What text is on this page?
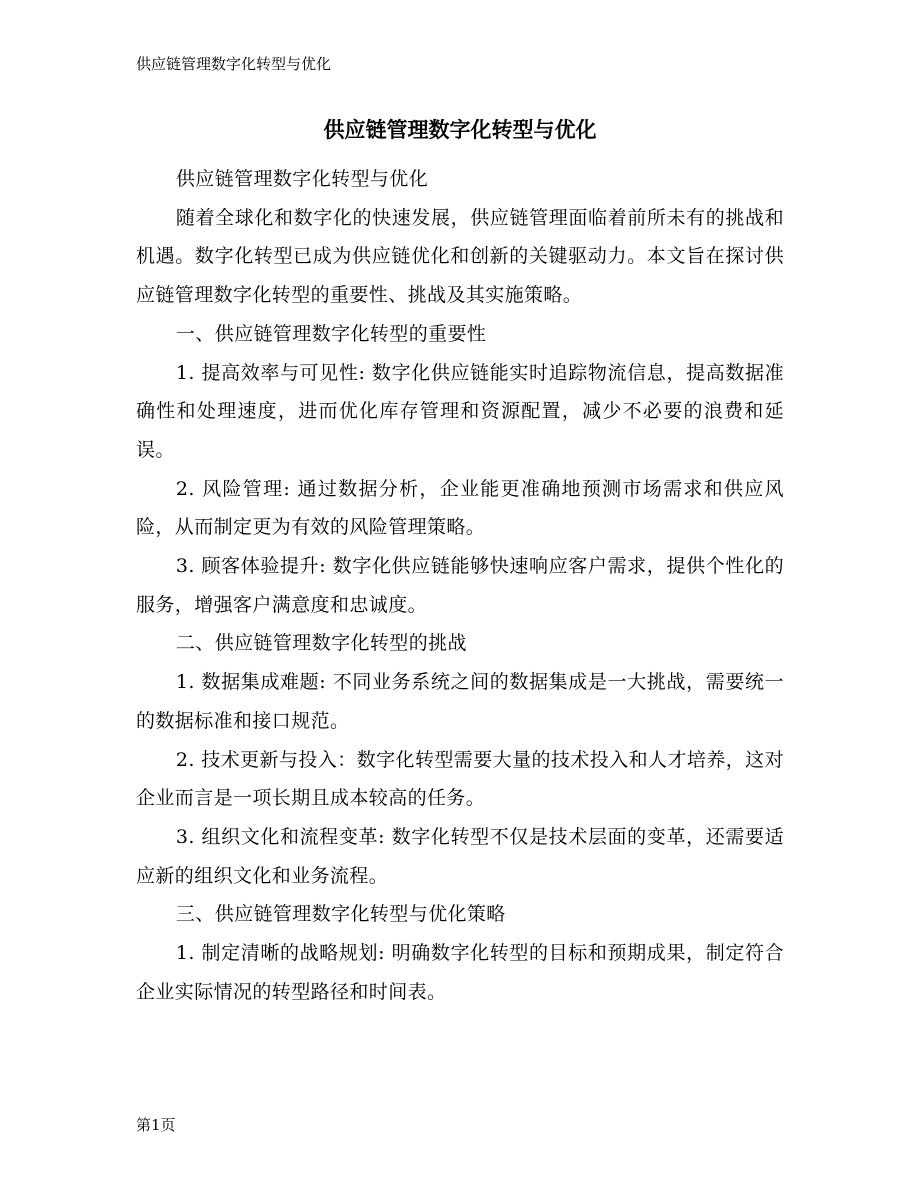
供应链管理数字化转型与优化
供应链管理数字化转型与优化

供应链管理数字化转型与优化

随着全球化和数字化的快速发展，供应链管理面临着前所未有的挑战和机遇。数字化转型已成为供应链优化和创新的关键驱动力。本文旨在探讨供应链管理数字化转型的重要性、挑战及其实施策略。

一、供应链管理数字化转型的重要性

1. 提高效率与可见性: 数字化供应链能实时追踪物流信息，提高数据准确性和处理速度，进而优化库存管理和资源配置，减少不必要的浪费和延误。

2. 风险管理: 通过数据分析，企业能更准确地预测市场需求和供应风险，从而制定更为有效的风险管理策略。

3. 顾客体验提升: 数字化供应链能够快速响应客户需求，提供个性化的服务，增强客户满意度和忠诚度。

二、供应链管理数字化转型的挑战

1. 数据集成难题: 不同业务系统之间的数据集成是一大挑战，需要统一的数据标准和接口规范。

2. 技术更新与投入：数字化转型需要大量的技术投入和人才培养，这对企业而言是一项长期且成本较高的任务。

3. 组织文化和流程变革: 数字化转型不仅是技术层面的变革，还需要适应新的组织文化和业务流程。

三、供应链管理数字化转型与优化策略

1. 制定清晰的战略规划: 明确数字化转型的目标和预期成果，制定符合企业实际情况的转型路径和时间表。

第1页
